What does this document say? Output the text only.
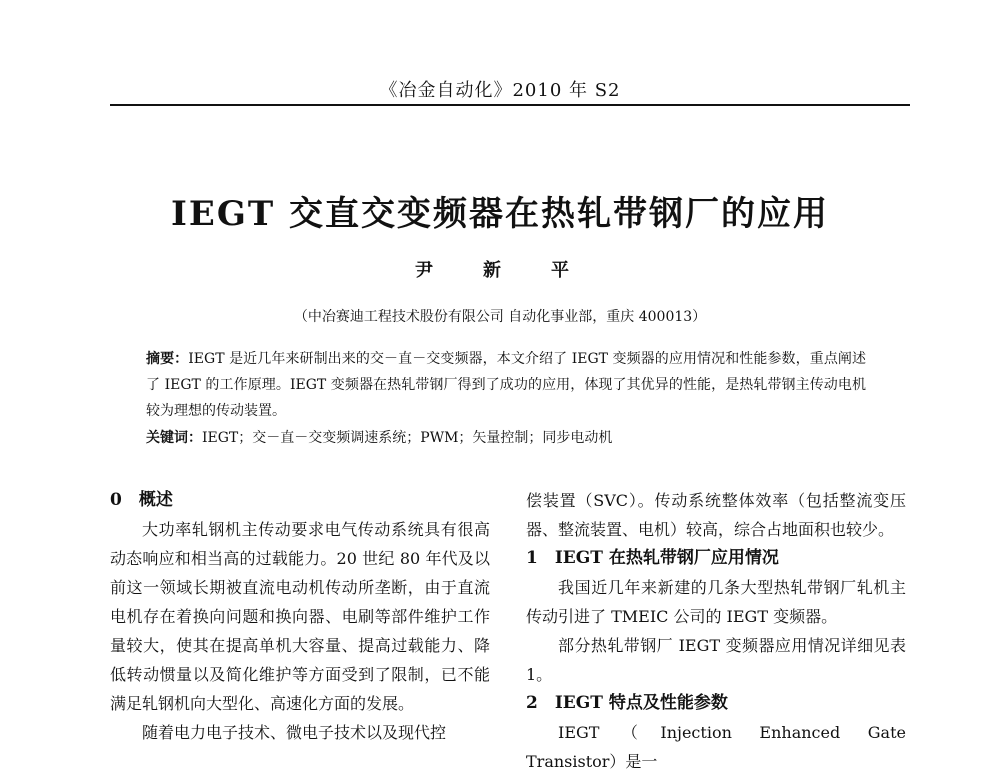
《冶金自动化》2010 年 S2
IEGT 交直交变频器在热轧带钢厂的应用
尹　新　平
（中冶赛迪工程技术股份有限公司 自动化事业部，重庆 400013）
摘要：IEGT 是近几年来研制出来的交－直－交变频器，本文介绍了 IEGT 变频器的应用情况和性能参数，重点阐述了 IEGT 的工作原理。IEGT 变频器在热轧带钢厂得到了成功的应用，体现了其优异的性能，是热轧带钢主传动电机较为理想的传动装置。
关键词：IEGT；交－直－交变频调速系统；PWM；矢量控制；同步电动机
0　概述
大功率轧钢机主传动要求电气传动系统具有很高动态响应和相当高的过载能力。20 世纪 80 年代及以前这一领域长期被直流电动机传动所垄断，由于直流电机存在着换向问题和换向器、电刷等部件维护工作量较大，使其在提高单机大容量、提高过载能力、降低转动惯量以及简化维护等方面受到了限制，已不能满足轧钢机向大型化、高速化方面的发展。
随着电力电子技术、微电子技术以及现代控
偿装置（SVC）。传动系统整体效率（包括整流变压器、整流装置、电机）较高，综合占地面积也较少。
1　IEGT 在热轧带钢厂应用情况
我国近几年来新建的几条大型热轧带钢厂轧机主传动引进了 TMEIC 公司的 IEGT 变频器。
部分热轧带钢厂 IEGT 变频器应用情况详细见表 1。
2　IEGT 特点及性能参数
IEGT（Injection Enhanced Gate Transistor）是一
